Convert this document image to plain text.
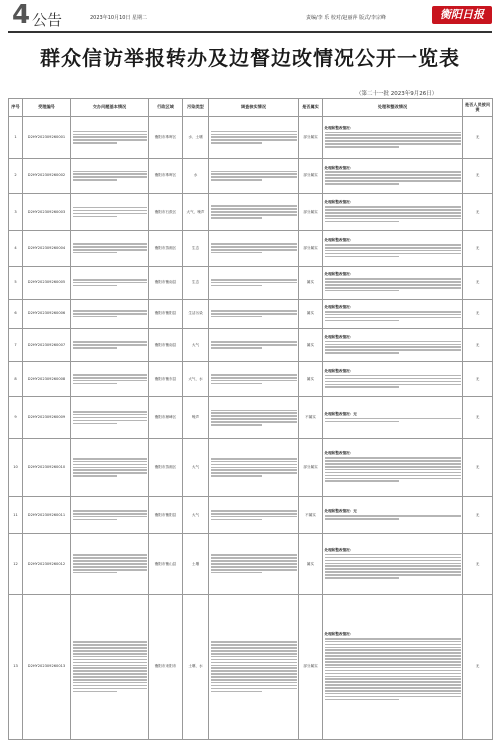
4 公告	2023年10月10日 星期二	责编/李 乐 校对/赵丽萍 版式/李宗峰	衡阳日报
群众信访举报转办及边督边改情况公开一览表
（第二十一批 2023年9月26日）
序号	受理编号	交办问题基本情况	行政区域	污染类型	调查核实情况	是否属实	处理和整改情况	是否人员被问责
1	D2HY202309260001		衡阳市珠晖区	水、土壤		部分属实	处理和整改情况：	无
2	D2HY202309260002		衡阳市珠晖区	水		部分属实	处理和整改情况：	无
3	D2HY202309260003		衡阳市石鼓区	大气、噪声		部分属实	处理和整改情况：	无
4	D2HY202309260004		衡阳市蒸湘区	生态		部分属实	处理和整改情况：	无
5	D2HY202309260005		衡阳市衡南县	生态		属实	处理和整改情况：	无
6	D2HY202309260006		衡阳市衡阳县	生活污染		属实	处理和整改情况：	无
7	D2HY202309260007		衡阳市衡南县	大气		属实	处理和整改情况：	无
8	D2HY202309260008		衡阳市衡东县	大气、水		属实	处理和整改情况：	无
9	D2HY202309260009		衡阳市雁峰区	噪声		不属实	处理和整改情况：无	无
10	D2HY202309260010		衡阳市蒸湘区	大气		部分属实	处理和整改情况：	无
11	D2HY202309260011		衡阳市衡阳县	大气		不属实	处理和整改情况：无	无
12	D2HY202309260012		衡阳市衡山县	土壤		属实	处理和整改情况：	无
13	D2HY202309260013		衡阳市耒阳市	土壤、水		部分属实	处理和整改情况：	无
